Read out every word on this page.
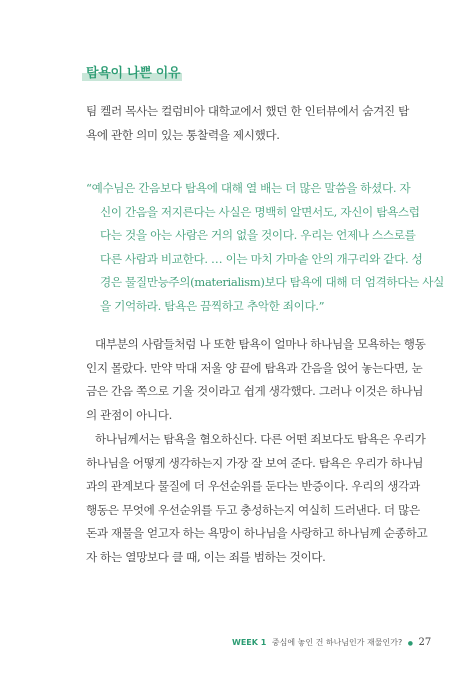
탐욕이 나쁜 이유
팀 켈러 목사는 컬럼비아 대학교에서 했던 한 인터뷰에서 숨겨진 탐
욕에 관한 의미 있는 통찰력을 제시했다.
“예수님은 간음보다 탐욕에 대해 열 배는 더 많은 말씀을 하셨다. 자
신이 간음을 저지른다는 사실은 명백히 알면서도, 자신이 탐욕스럽
다는 것을 아는 사람은 거의 없을 것이다. 우리는 언제나 스스로를
다른 사람과 비교한다. … 이는 마치 가마솥 안의 개구리와 같다. 성
경은 물질만능주의(materialism)보다 탐욕에 대해 더 엄격하다는 사실
을 기억하라. 탐욕은 끔찍하고 추악한 죄이다.”
대부분의 사람들처럼 나 또한 탐욕이 얼마나 하나님을 모욕하는 행동
인지 몰랐다. 만약 막대 저울 양 끝에 탐욕과 간음을 얹어 놓는다면, 눈
금은 간음 쪽으로 기울 것이라고 쉽게 생각했다. 그러나 이것은 하나님
의 관점이 아니다.
하나님께서는 탐욕을 혐오하신다. 다른 어떤 죄보다도 탐욕은 우리가
하나님을 어떻게 생각하는지 가장 잘 보여 준다. 탐욕은 우리가 하나님
과의 관계보다 물질에 더 우선순위를 둔다는 반증이다. 우리의 생각과
행동은 무엇에 우선순위를 두고 충성하는지 여실히 드러낸다. 더 많은
돈과 재물을 얻고자 하는 욕망이 하나님을 사랑하고 하나님께 순종하고
자 하는 열망보다 클 때, 이는 죄를 범하는 것이다.
WEEK 1 중심에 놓인 건 하나님인가 재물인가? ● 27
